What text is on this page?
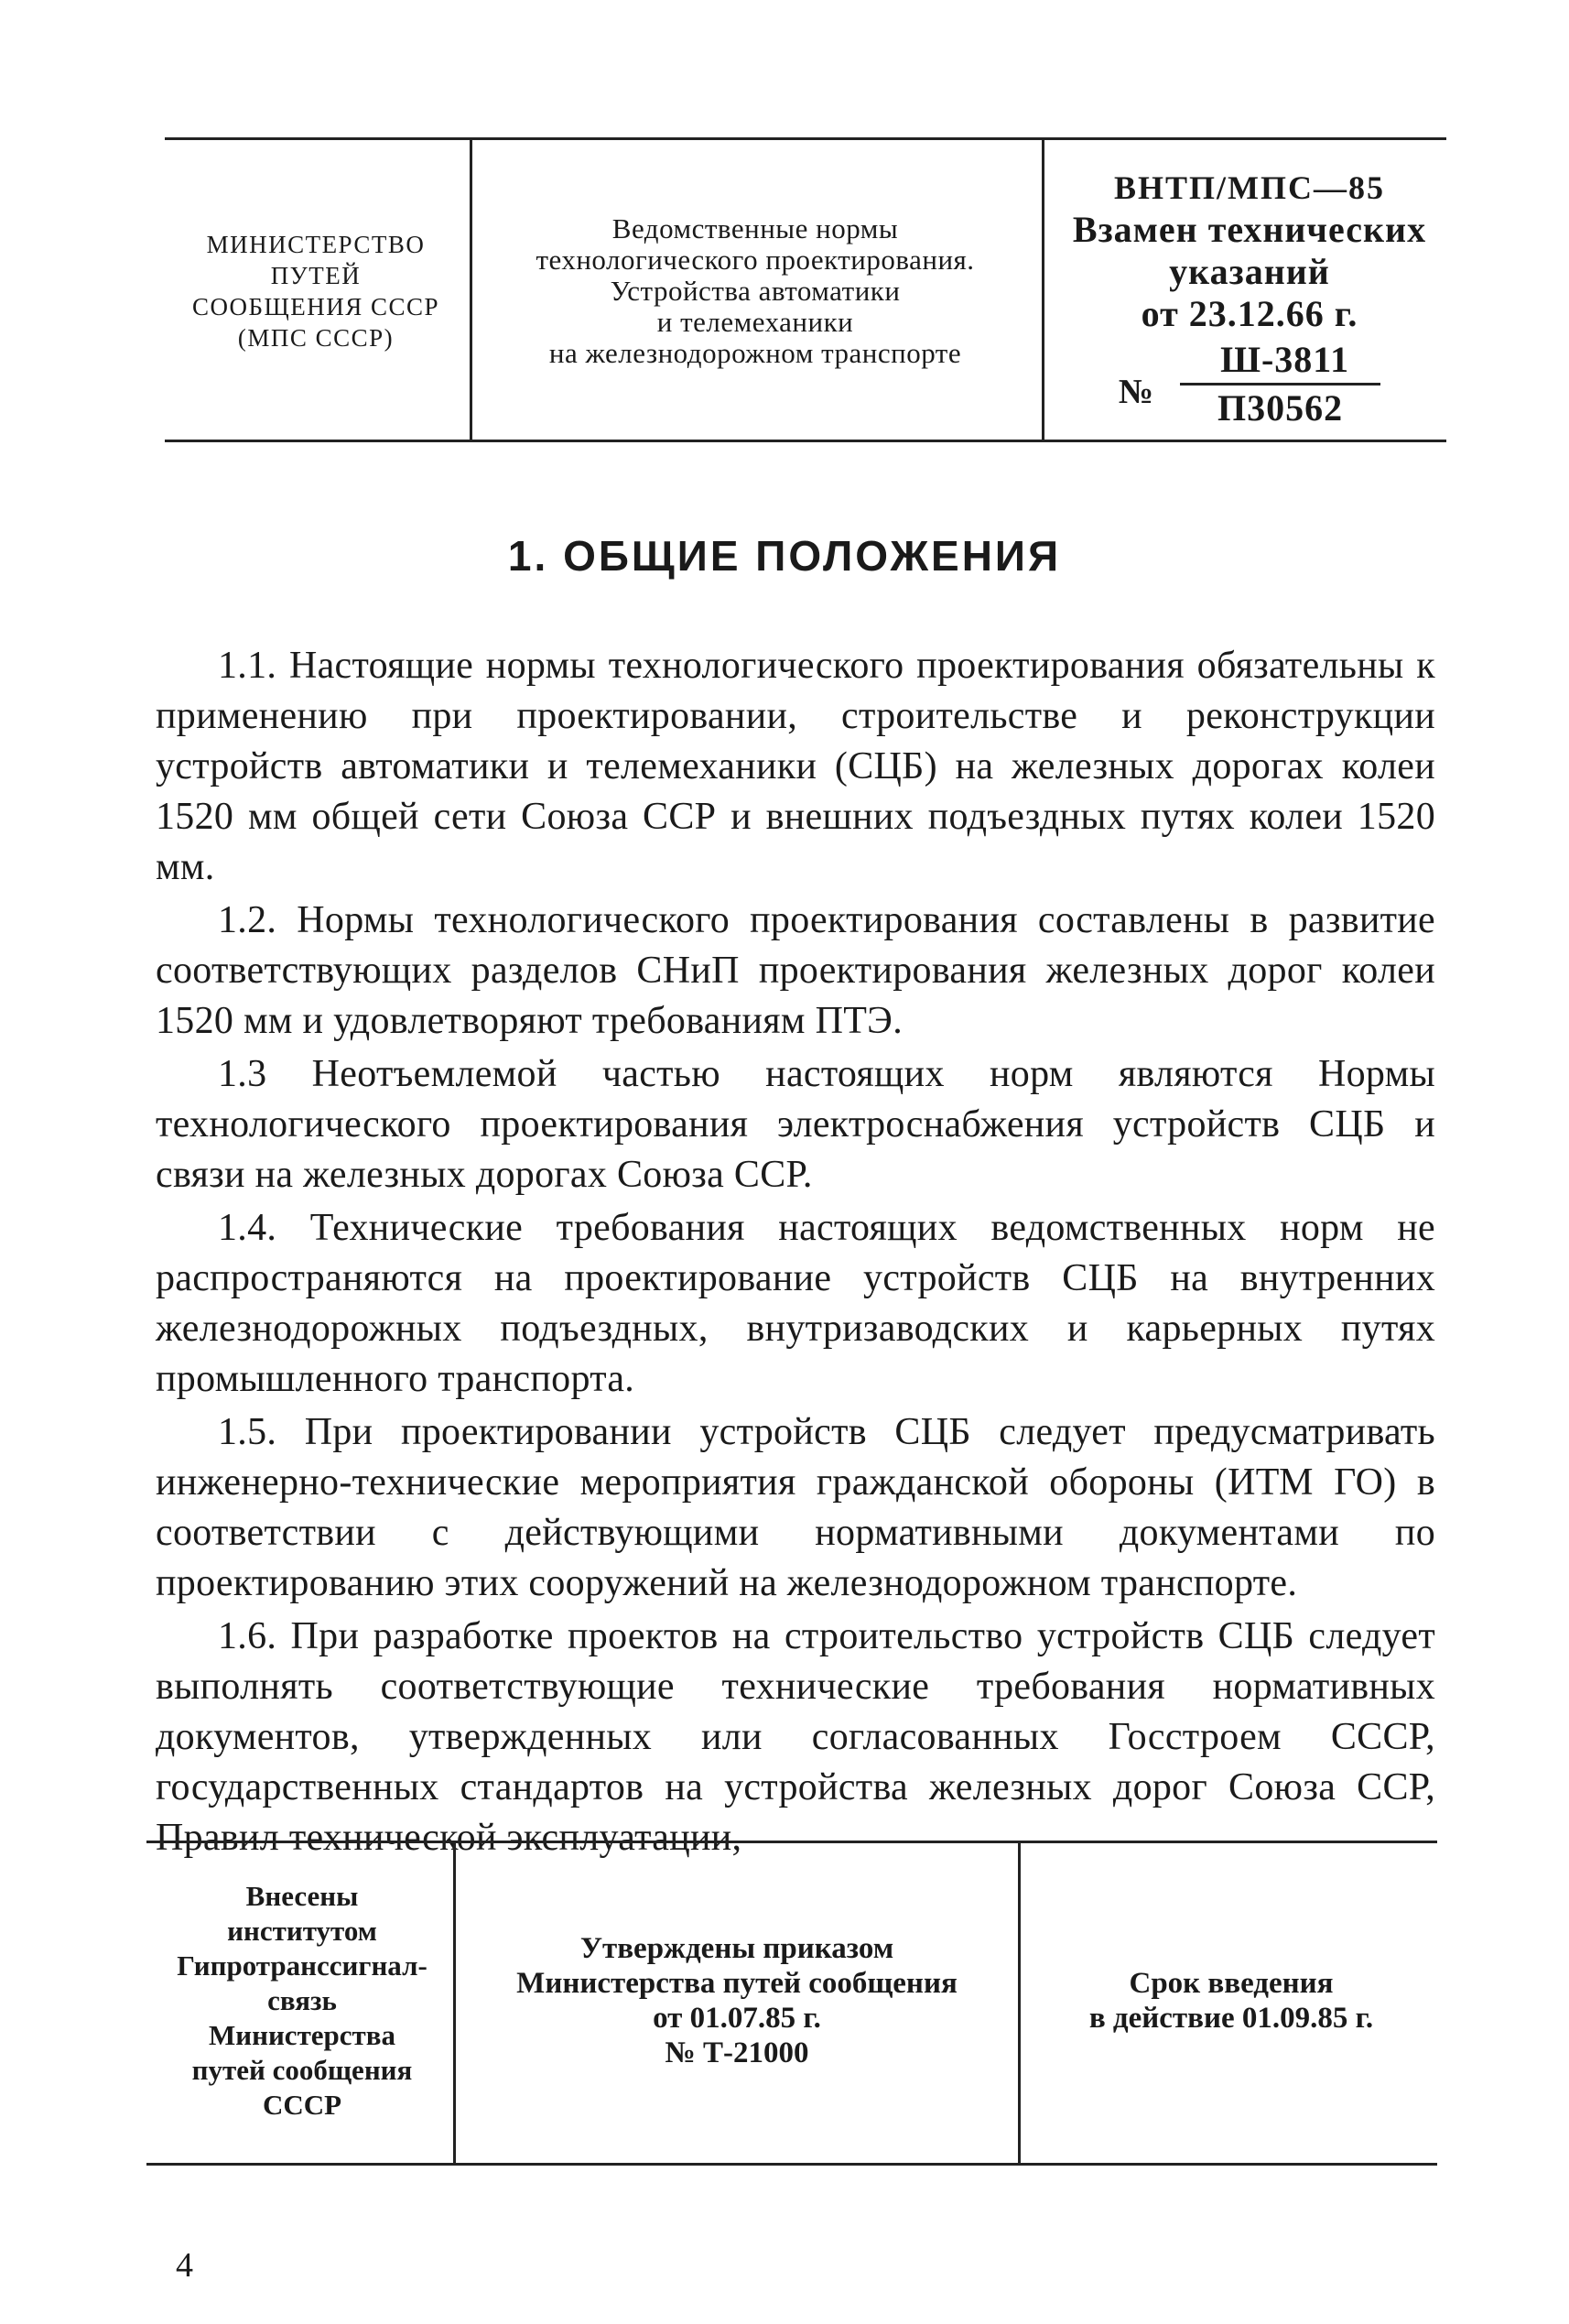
МИНИСТЕРСТВО
ПУТЕЙ
СООБЩЕНИЯ СССР
(МПС СССР)
Ведомственные нормы
технологического проектирования.
Устройства автоматики
и телемеханики
на железнодорожном транспорте
ВНТП/МПС—85
Взамен технических
указаний
от 23.12.66 г.
№ $\frac{Ш-3811}{П30562}$
1. ОБЩИЕ ПОЛОЖЕНИЯ

1.1. Настоящие нормы технологического проектирования обязательны к применению при проектировании, строительстве и реконструкции устройств автоматики и телемеханики (СЦБ) на железных дорогах колеи 1520 мм общей сети Союза ССР и внешних подъездных путях колеи 1520 мм.

1.2. Нормы технологического проектирования составлены в развитие соответствующих разделов СНиП проектирования железных дорог колеи 1520 мм и удовлетворяют требованиям ПТЭ.

1.3 Неотъемлемой частью настоящих норм являются Нормы технологического проектирования электроснабжения устройств СЦБ и связи на железных дорогах Союза ССР.

1.4. Технические требования настоящих ведомственных норм не распространяются на проектирование устройств СЦБ на внутренних железнодорожных подъездных, внутризаводских и карьерных путях промышленного транспорта.

1.5. При проектировании устройств СЦБ следует предусматривать инженерно-технические мероприятия гражданской обороны (ИТМ ГО) в соответствии с действующими нормативными документами по проектированию этих сооружений на железнодорожном транспорте.

1.6. При разработке проектов на строительство устройств СЦБ следует выполнять соответствующие технические требования нормативных документов, утвержденных или согласованных Госстроем СССР, государственных стандартов на устройства железных дорог Союза ССР, Правил технической эксплуатации,

Внесены
институтом
Гипротранссигнал-
связь
Министерства
путей сообщения
СССР
Утверждены приказом
Министерства путей сообщения
от 01.07.85 г.
№ Т-21000
Срок введения
в действие 01.09.85 г.
4
